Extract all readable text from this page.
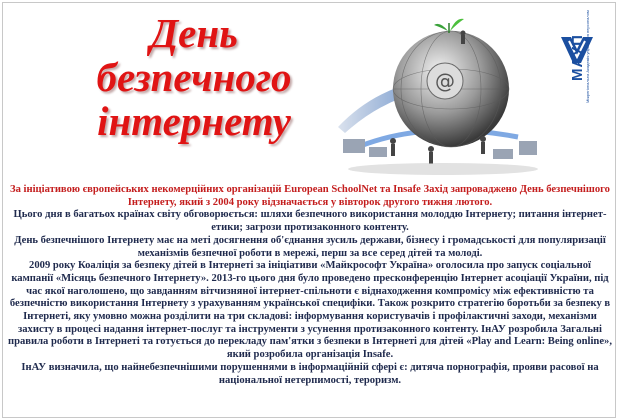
День
безпечного
інтернету
@	МАУП Міжрегіональна Академія управління персоналом

За ініціативою європейських некомерційних організацій European SchoolNet та Insafe Захід запроваджено День безпечнішого Інтернету, який з 2004 року відзначається у вівторок другого тижня лютого.

Цього дня в багатьох країнах світу обговорюється: шляхи безпечного використання молоддю Інтернету; питання інтернет-етики; загрози протизаконного контенту.

День безпечнішого Інтернету має на меті досягнення об'єднання зусиль держави, бізнесу і громадськості для популяризації механізмів безпечної роботи в мережі, перш за все серед дітей та молоді.

2009 року Коаліція за безпеку дітей в Інтернеті за ініціативи «Майкрософт Україна» оголосила про запуск соціальної кампанії «Місяць безпечного Інтернету». 2013-го цього дня було проведено пресконференцію Інтернет асоціації України, під час якої наголошено, що завданням вітчизняної інтернет-спільноти є віднаходження компромісу між ефективністю та безпечністю використання Інтернету з урахуванням української специфіки. Також розкрито стратегію боротьби за безпеку в Інтернеті, яку умовно можна розділити на три складові: інформування користувачів і профілактичні заходи, механізми захисту в процесі надання інтернет-послуг та інструменти з усунення протизаконного контенту. ІнАУ розробила Загальні правила роботи в Інтернеті та готується до перекладу пам'ятки з безпеки в Інтернеті для дітей «Play and Learn: Being online», який розробила організація Insafe.

ІнАУ визначила, що найнебезпечнішими порушеннями в інформаційній сфері є: дитяча порнографія, прояви расової на національної нетерпимості, тероризм.
